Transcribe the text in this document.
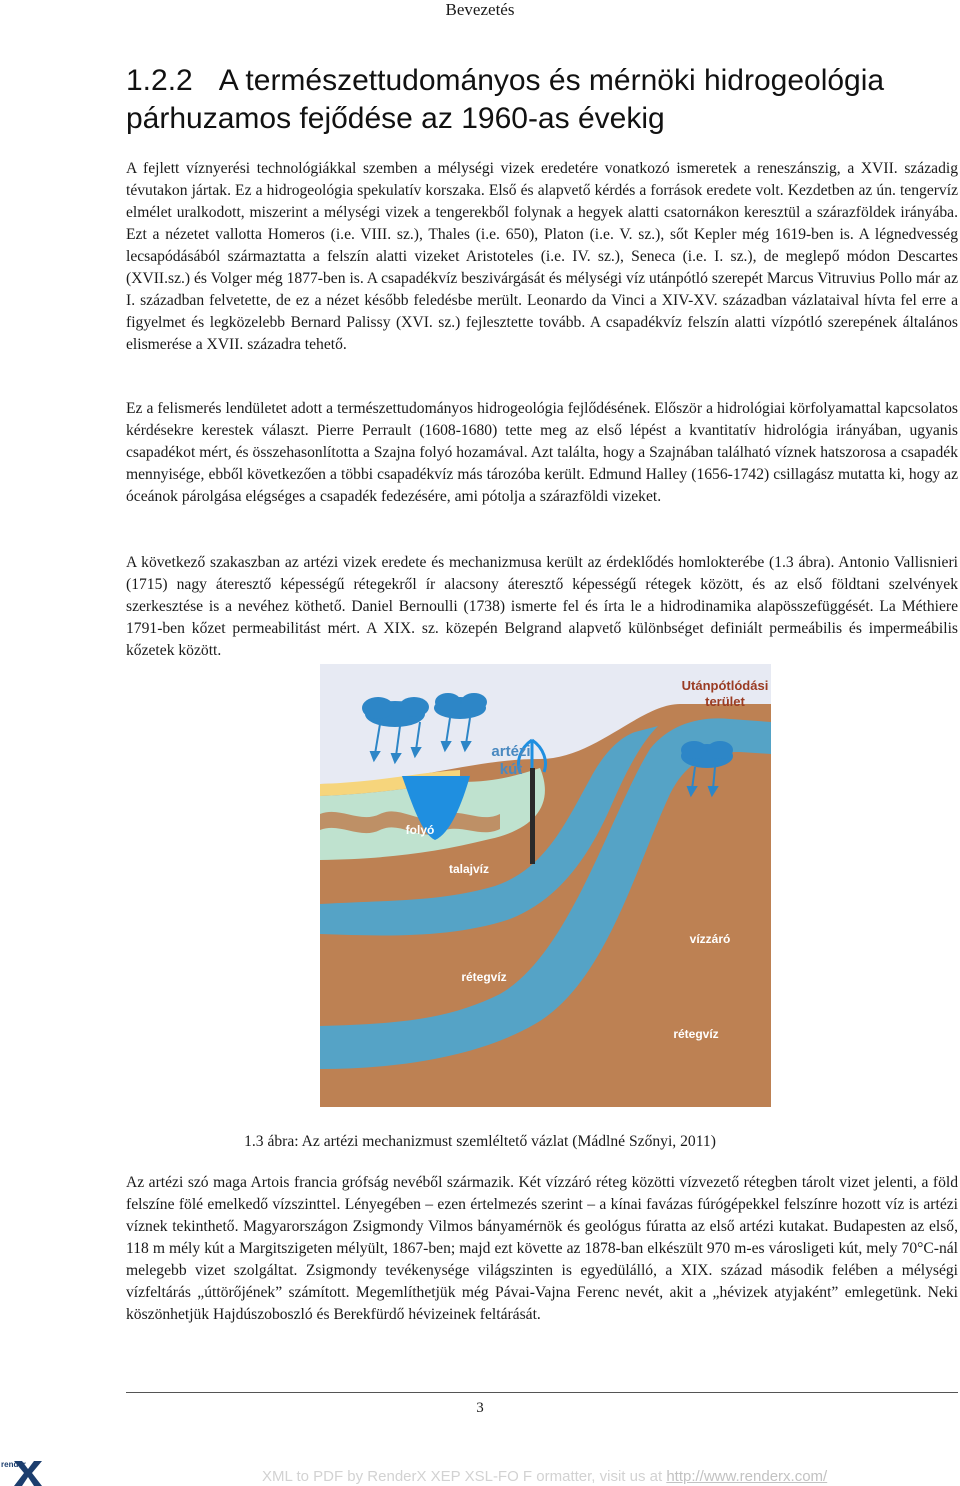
Bevezetés
1.2.2 A természettudományos és mérnöki hidrogeológia párhuzamos fejődése az 1960-as évekig

A fejlett víznyerési technológiákkal szemben a mélységi vizek eredetére vonatkozó ismeretek a reneszánszig, a XVII. századig tévutakon jártak. Ez a hidrogeológia spekulatív korszaka. Első és alapvető kérdés a források eredete volt. Kezdetben az ún. tengervíz elmélet uralkodott, miszerint a mélységi vizek a tengerekből folynak a hegyek alatti csatornákon keresztül a szárazföldek irányába. Ezt a nézetet vallotta Homeros (i.e. VIII. sz.), Thales (i.e. 650), Platon (i.e. V. sz.), sőt Kepler még 1619-ben is. A légnedvesség lecsapódásából származtatta a felszín alatti vizeket Aristoteles (i.e. IV. sz.), Seneca (i.e. I. sz.), de meglepő módon Descartes (XVII.sz.) és Volger még 1877-ben is. A csapadékvíz beszivárgását és mélységi víz utánpótló szerepét Marcus Vitruvius Pollo már az I. században felvetette, de ez a nézet később feledésbe merült. Leonardo da Vinci a XIV-XV. században vázlataival hívta fel erre a figyelmet és legközelebb Bernard Palissy (XVI. sz.) fejlesztette tovább. A csapadékvíz felszín alatti vízpótló szerepének általános elismerése a XVII. századra tehető.

Ez a felismerés lendületet adott a természettudományos hidrogeológia fejlődésének. Először a hidrológiai körfolyamattal kapcsolatos kérdésekre kerestek választ. Pierre Perrault (1608-1680) tette meg az első lépést a kvantitatív hidrológia irányában, ugyanis csapadékot mért, és összehasonlította a Szajna folyó hozamával. Azt találta, hogy a Szajnában található víznek hatszorosa a csapadék mennyisége, ebből következően a többi csapadékvíz más tározóba került. Edmund Halley (1656-1742) csillagász mutatta ki, hogy az óceánok párolgása elégséges a csapadék fedezésére, ami pótolja a szárazföldi vizeket.

A következő szakaszban az artézi vizek eredete és mechanizmusa került az érdeklődés homlokterébe (1.3 ábra). Antonio Vallisnieri (1715) nagy áteresztő képességű rétegekről ír alacsony áteresztő képességű rétegek között, és az első földtani szelvények szerkesztése is a nevéhez köthető. Daniel Bernoulli (1738) ismerte fel és írta le a hidrodinamika alapösszefüggését. La Méthiere 1791-ben kőzet permeabilitást mért. A XIX. sz. közepén Belgrand alapvető különbséget definiált permeábilis és impermeábilis kőzetek között.

Utánpótlódási terület
artézi kút
folyó
talajvíz
vízzáró
rétegvíz
rétegvíz
1.3 ábra: Az artézi mechanizmust szemléltető vázlat (Mádlné Szőnyi, 2011)

Az artézi szó maga Artois francia grófság nevéből származik. Két vízzáró réteg közötti vízvezető rétegben tárolt vizet jelenti, a föld felszíne fölé emelkedő vízszinttel. Lényegében – ezen értelmezés szerint – a kínai favázas fúrógépekkel felszínre hozott víz is artézi víznek tekinthető. Magyarországon Zsigmondy Vilmos bányamérnök és geológus fúratta az első artézi kutakat. Budapesten az első, 118 m mély kút a Margitszigeten mélyült, 1867-ben; majd ezt követte az 1878-ban elkészült 970 m-es városligeti kút, mely 70°C-nál melegebb vizet szolgáltat. Zsigmondy tevékenysége világszinten is egyedülálló, a XIX. század második felében a mélységi vízfeltárás „úttörőjének” számított. Megemlíthetjük még Pávai-Vajna Ferenc nevét, akit a „hévizek atyjaként” emlegetünk. Neki köszönhetjük Hajdúszoboszló és Berekfürdő hévizeinek feltárását.

3
render
XML to PDF by RenderX XEP XSL-FO F ormatter, visit us at http://www.renderx.com/
